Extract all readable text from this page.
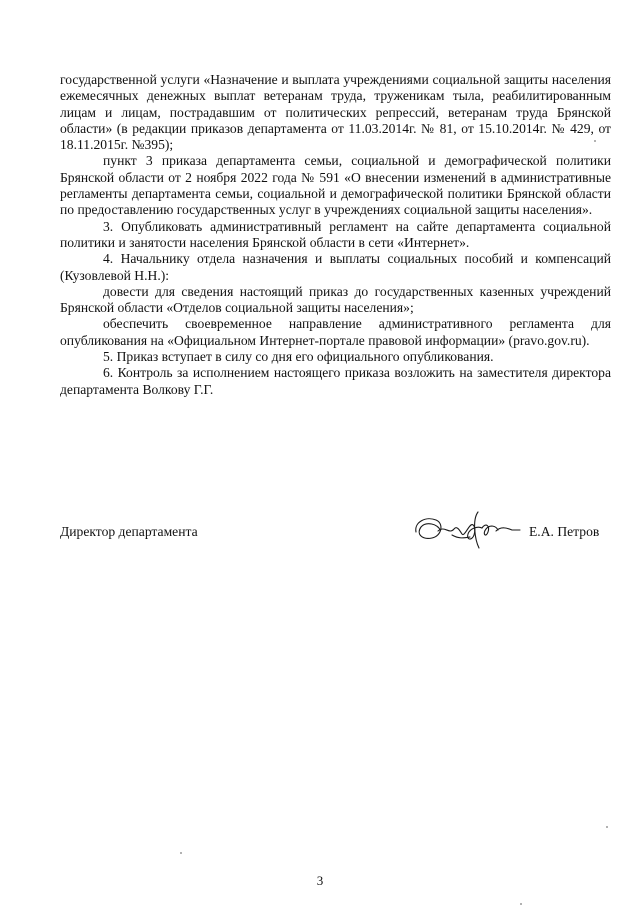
государственной услуги «Назначение и выплата учреждениями социальной защиты населения ежемесячных денежных выплат ветеранам труда, труженикам тыла, реабилитированным лицам и лицам, пострадавшим от политических репрессий, ветеранам труда Брянской области» (в редакции приказов департамента от 11.03.2014г. № 81, от 15.10.2014г. № 429, от 18.11.2015г. №395);

пункт 3 приказа департамента семьи, социальной и демографической политики Брянской области от 2 ноября 2022 года № 591 «О внесении изменений в административные регламенты департамента семьи, социальной и демографической политики Брянской области по предоставлению государственных услуг в учреждениях социальной защиты населения».

3. Опубликовать административный регламент на сайте департамента социальной политики и занятости населения Брянской области в сети «Интернет».

4. Начальнику отдела назначения и выплаты социальных пособий и компенсаций (Кузовлевой Н.Н.):

довести для сведения настоящий приказ до государственных казенных учреждений Брянской области «Отделов социальной защиты населения»;

обеспечить своевременное направление административного регламента для опубликования на «Официальном Интернет-портале правовой информации» (pravo.gov.ru).

5. Приказ вступает в силу со дня его официального опубликования.

6. Контроль за исполнением настоящего приказа возложить на заместителя директора департамента Волкову Г.Г.

Директор департамента	Е.А. Петров
3
